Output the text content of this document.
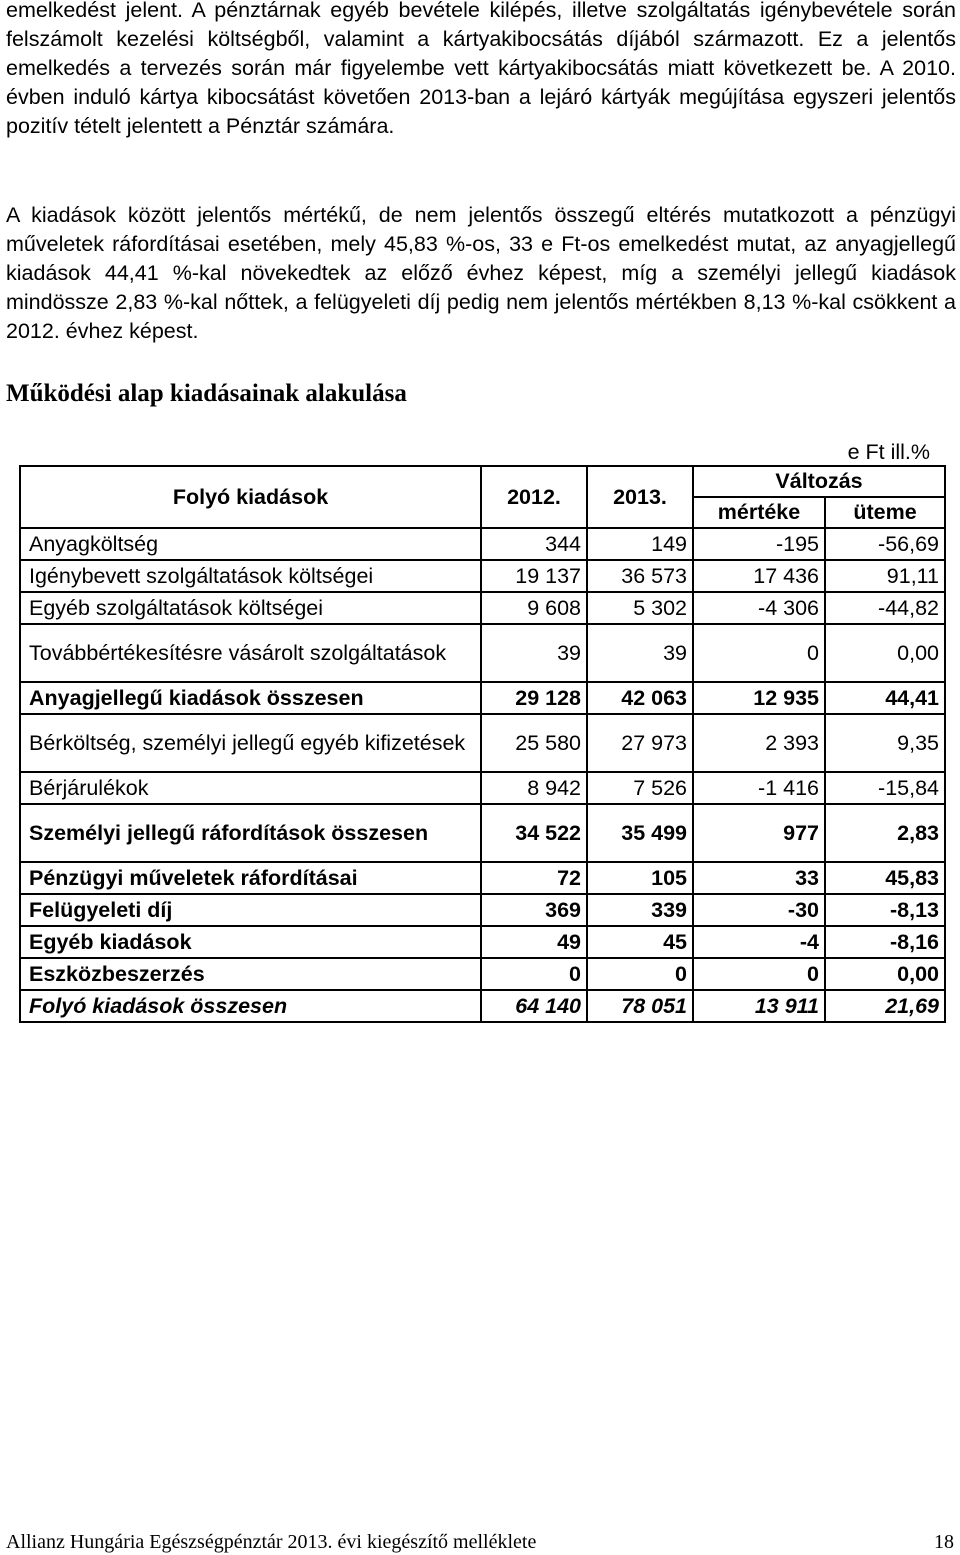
emelkedést jelent. A pénztárnak egyéb bevétele kilépés, illetve szolgáltatás igénybevétele során felszámolt kezelési költségből, valamint a kártyakibocsátás díjából származott. Ez a jelentős emelkedés a tervezés során már figyelembe vett kártyakibocsátás miatt következett be. A 2010. évben induló kártya kibocsátást követően 2013-ban a lejáró kártyák megújítása egyszeri jelentős pozitív tételt jelentett a Pénztár számára.

A kiadások között jelentős mértékű, de nem jelentős összegű eltérés mutatkozott a pénzügyi műveletek ráfordításai esetében, mely 45,83 %-os, 33 e Ft-os emelkedést mutat, az anyagjellegű kiadások 44,41 %-kal növekedtek az előző évhez képest, míg a személyi jellegű kiadások mindössze 2,83 %-kal nőttek, a felügyeleti díj pedig nem jelentős mértékben 8,13 %-kal csökkent a 2012. évhez képest.

Működési alap kiadásainak alakulása
e Ft ill.%
Folyó kiadások	2012.	2013.	Változás	
			mértéke	üteme
Anyagköltség	344	149	-195	-56,69
Igénybevett szolgáltatások költségei	19 137	36 573	17 436	91,11
Egyéb szolgáltatások költségei	9 608	5 302	-4 306	-44,82
Továbbértékesítésre vásárolt szolgáltatások	39	39	0	0,00
Anyagjellegű kiadások összesen	29 128	42 063	12 935	44,41
Bérköltség, személyi jellegű egyéb kifizetések	25 580	27 973	2 393	9,35
Bérjárulékok	8 942	7 526	-1 416	-15,84
Személyi jellegű ráfordítások összesen	34 522	35 499	977	2,83
Pénzügyi műveletek ráfordításai	72	105	33	45,83
Felügyeleti díj	369	339	-30	-8,13
Egyéb kiadások	49	45	-4	-8,16
Eszközbeszerzés	0	0	0	0,00
Folyó kiadások összesen	64 140	78 051	13 911	21,69
Allianz Hungária Egészségpénztár 2013. évi kiegészítő melléklete	18
